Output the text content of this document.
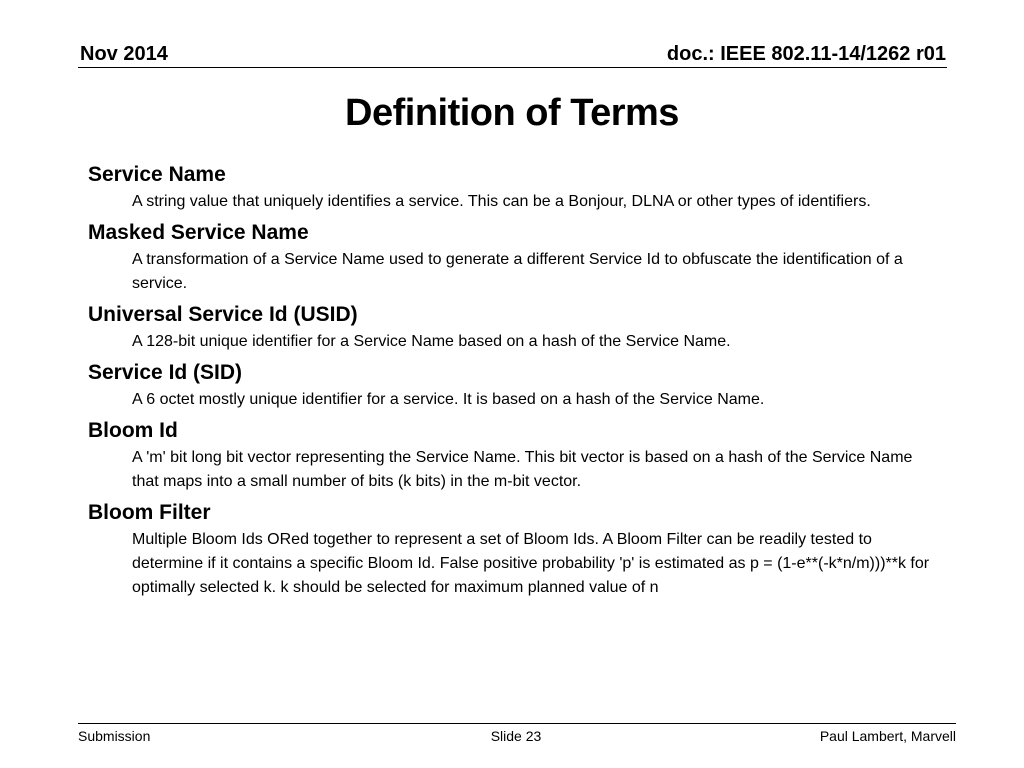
Nov 2014	doc.: IEEE 802.11-14/1262 r01
Definition of Terms
Service Name
A string value that uniquely identifies a service. This can be a Bonjour, DLNA or other types of identifiers.
Masked Service Name
A transformation of a Service Name used to generate a different Service Id to obfuscate the identification of a service.
Universal Service Id (USID)
A 128-bit unique identifier for a Service Name based on a hash of the Service Name.
Service Id (SID)
A 6 octet mostly unique identifier for a service. It is based on a hash of the Service Name.
Bloom Id
A 'm' bit long bit vector representing the Service Name. This bit vector is based on a hash of the Service Name that maps into a small number of bits (k bits) in the m-bit vector.
Bloom Filter
Multiple Bloom Ids ORed together to represent a set of Bloom Ids. A Bloom Filter can be readily tested to determine if it contains a specific Bloom Id. False positive probability 'p' is estimated as p = (1-e**(-k*n/m)))**k for optimally selected k. k should be selected for maximum planned value of n
Submission	Slide 23	Paul Lambert, Marvell
